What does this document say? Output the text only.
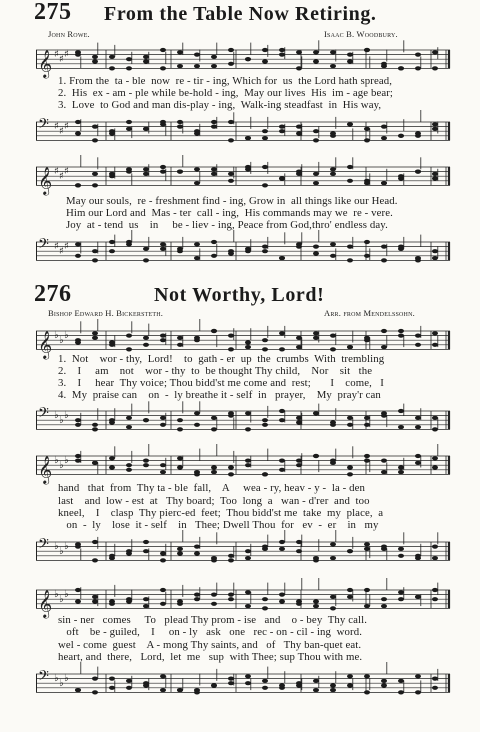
275 From the Table Now Retiring.
John Rowe.	Isaac B. Woodbury.
𝄞 ♯ ♯ ♯
1. From the  ta - ble  now  re - tir - ing, Which for  us  the Lord hath spread,
2.  His  ex - am - ple while be-hold - ing,  May our lives  His  im - age bear;
3.  Love  to God and man dis-play - ing,  Walk-ing steadfast  in  His way,
𝄢 ♯ ♯ ♯
𝄞 ♯ ♯ ♯
May our souls,  re - freshment find - ing, Grow in  all things like our Head.
Him our Lord and  Mas - ter  call - ing,  His commands may we  re - vere.
Joy  at - tend  us    in     be - liev - ing, Peace from God,thro' endless day.
𝄢 ♯ ♯ ♯
276	Not Worthy, Lord!
Bishop Edward H. Bickersteth.	Arr. from Mendelssohn.
𝄞 ♭ ♭ ♭
1.  Not    wor - thy,  Lord!    to  gath - er  up  the  crumbs  With  trembling
2.    I     am    not    wor - thy  to  be thought Thy child,    Nor    sit   the
3.    I     hear  Thy voice; Thou bidd'st me come and  rest;       I    come,   I
4.  My  praise can    on  -  ly breathe it - self  in   prayer,    My  pray'r can
𝄢 ♭ ♭ ♭
𝄞 ♭ ♭ ♭
hand   that  from  Thy ta - ble  fall,    A     wea - ry, heav - y -  la - den
last    and  low - est  at   Thy board;  Too  long  a   wan - d'rer  and  too
kneel,    I    clasp  Thy pierc-ed  feet;  Thou bidd'st me  take  my  place,  a
on  -  ly    lose  it - self    in   Thee; Dwell Thou  for   ev  -  er    in   my
𝄢 ♭ ♭ ♭
𝄞 ♭ ♭ ♭
sin - ner   comes     To   plead Thy prom - ise   and    o - bey  Thy call.
oft    be - guiled,    I     on - ly   ask   one   rec - on - cil - ing  word.
wel - come  guest    A - mong Thy saints, and   of   Thy ban-quet eat.
heart, and  there,   Lord,  let  me   sup  with Thee; sup Thou with me.
𝄢 ♭ ♭ ♭
